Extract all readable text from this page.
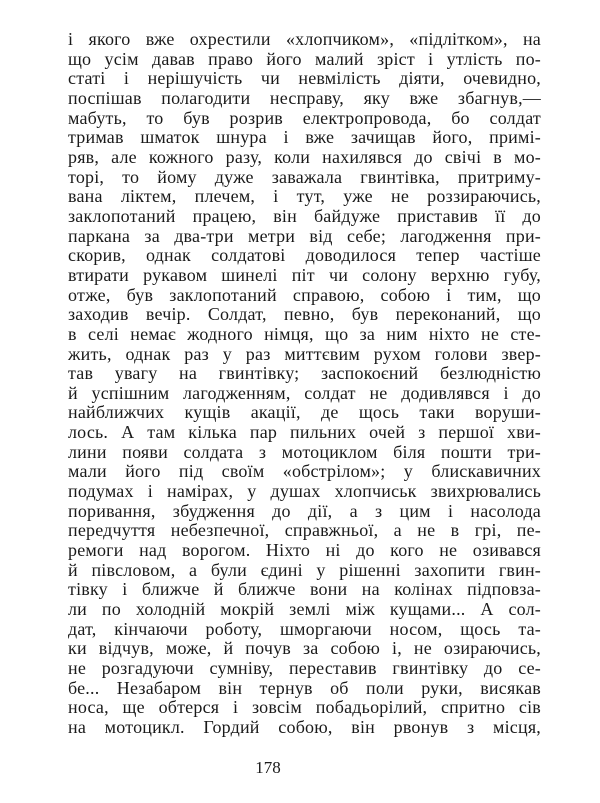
і якого вже охрестили «хлопчиком», «підлітком», на
що усім давав право його малий зріст і утлість по-
статі і нерішучість чи невмілість діяти, очевидно,
поспішав полагодити несправу, яку вже збагнув,—
мабуть, то був розрив електропровода, бо солдат
тримав шматок шнура і вже зачищав його, примі-
ряв, але кожного разу, коли нахилявся до свічі в мо-
торі, то йому дуже заважала гвинтівка, притриму-
вана ліктем, плечем, і тут, уже не роззираючись,
заклопотаний працею, він байдуже приставив її до
паркана за два-три метри від себе; лагодження при-
скорив, однак солдатові доводилося тепер частіше
втирати рукавом шинелі піт чи солону верхню губу,
отже, був заклопотаний справою, собою і тим, що
заходив вечір. Солдат, певно, був переконаний, що
в селі немає жодного німця, що за ним ніхто не сте-
жить, однак раз у раз миттєвим рухом голови звер-
тав увагу на гвинтівку; заспокоєний безлюдністю
й успішним лагодженням, солдат не додивлявся і до
найближчих кущів акації, де щось таки воруши-
лось. А там кілька пар пильних очей з першої хви-
лини появи солдата з мотоциклом біля пошти три-
мали його під своїм «обстрілом»; у блискавичних
подумах і намірах, у душах хлопчиськ звихрювались
поривання, збудження до дії, а з цим і насолода
передчуття небезпечної, справжньої, а не в грі, пе-
ремоги над ворогом. Ніхто ні до кого не озивався
й півсловом, а були єдині у рішенні захопити гвин-
тівку і ближче й ближче вони на колінах підповза-
ли по холодній мокрій землі між кущами... А сол-
дат, кінчаючи роботу, шморгаючи носом, щось та-
ки відчув, може, й почув за собою і, не озираючись,
не розгадуючи сумніву, переставив гвинтівку до се-
бе... Незабаром він тернув об поли руки, висякав
носа, ще обтерся і зовсім побадьорілий, спритно сів
на мотоцикл. Гордий собою, він рвонув з місця,
178
